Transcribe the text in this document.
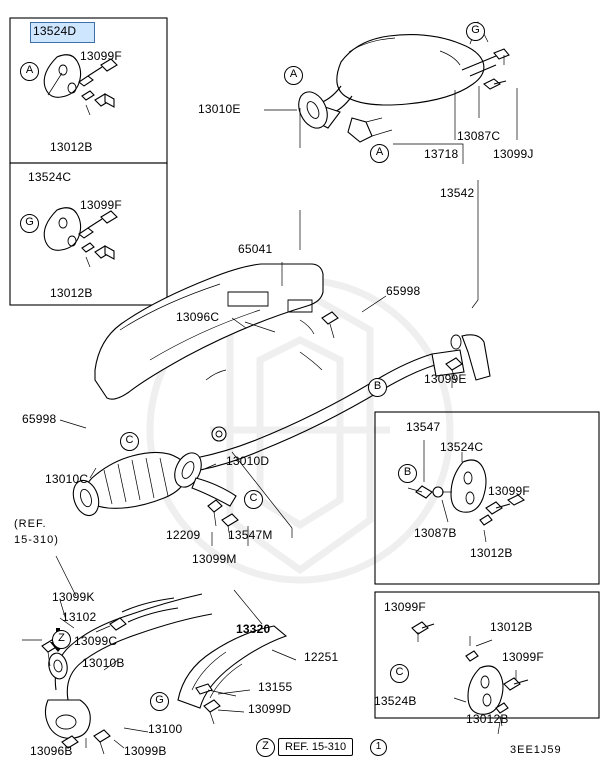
13524D
13099F
13012B
13524C
13099F
13012B
13010E
13087C
13718	13099J
13542
65041
65998
13096C
13099E
65998
13010C
13010D
12209 13547M
13099M
13320
13547
13524C
13099F
13087B
13012B
13099F
13012B
13099F
13524B
13012B
13099K
13102
13099C
13010B	12251
13155
13099D
13100
13096B	13099B
(REF.
15-310)
REF. 15-310
Z	1	3EE1J59
A
G
A
A
G
B
B
C
C
C
G
Z
